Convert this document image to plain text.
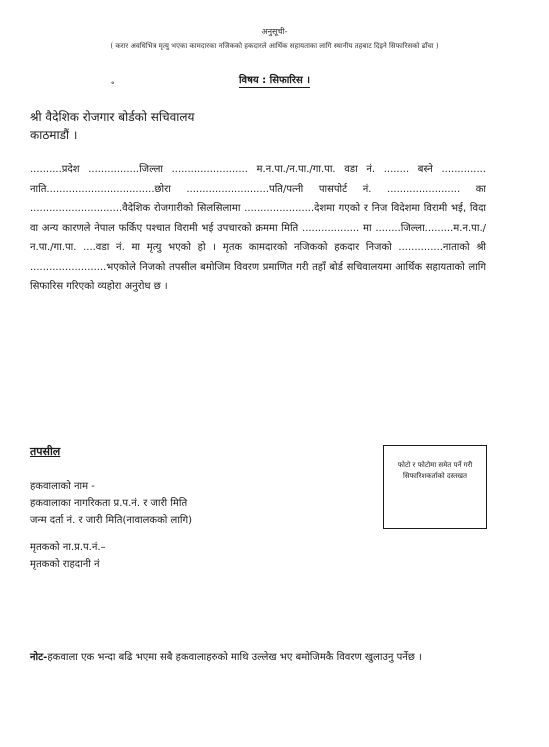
अनुसूची-
( करार अवधिभित्र मृत्यु भएका कामदारका नजिकको हकदारले आर्थिक सहायताका लागि स्थानीय तहबाट दिइने सिफारिसको ढाँचा )
॰	विषय : सिफारिस ।
श्री वैदेशिक रोजगार बोर्डको सचिवालय
काठमाडौं ।
..........प्रदेश ................जिल्ला ........................ म.न.पा./न.पा./गा.पा. वडा नं. ........ बस्ने .............. नाति..................................छोरा ..........................पति/पत्नी पासपोर्ट नं. ....................... का .............................वैदेशिक रोजगारीको सिलसिलामा ......................देशमा गएको र निज विदेशमा विरामी भई, विदा वा अन्य कारणले नेपाल फर्किए पश्चात विरामी भई उपचारको क्रममा मिति .................. मा ........जिल्ला.........म.न.पा./न.पा./गा.पा. ....वडा नं. मा मृत्यु भएको हो । मृतक कामदारको नजिकको हकदार निजको ..............नाताको श्री ........................भएकोले निजको तपसील बमोजिम विवरण प्रमाणित गरी तहाँ बोर्ड सचिवालयमा आर्थिक सहायताको लागि सिफारिस गरिएको व्यहोरा अनुरोध छ ।
तपसील
हकवालाको नाम -
हकवालाका नागरिकता प्र.प.नं. र जारी मिति
जन्म दर्ता नं. र जारी मिति(नावालकको लागि)
मृतकको ना.प्र.प.नं.–
मृतकको राहदानी नं
फोटो र फोटोमा समेत पर्ने गरी सिफारिशकर्ताको दस्तखत
नोट-हकवाला एक भन्दा बढि भएमा सबै हकवालाहरुको माथि उल्लेख भए बमोजिमकै विवरण खुलाउनु पर्नेछ ।
